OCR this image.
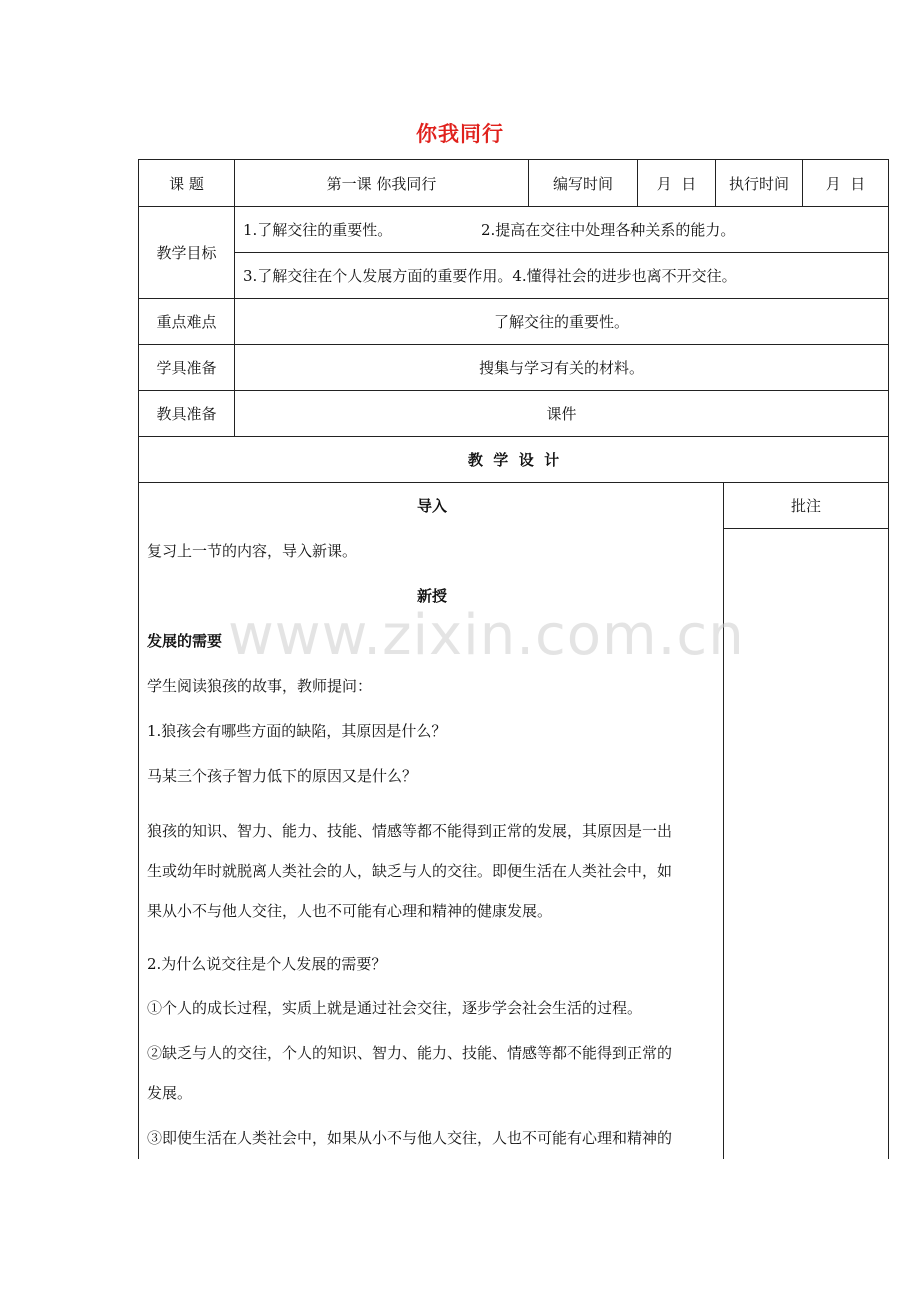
你我同行
课 题	第一课 你我同行	编写时间	月  日	执行时间	月  日
教学目标
1.了解交往的重要性。	2.提高在交往中处理各种关系的能力。
3.了解交往在个人发展方面的重要作用。4.懂得社会的进步也离不开交往。
重点难点	了解交往的重要性。
学具准备	搜集与学习有关的材料。
教具准备	课件
教  学  设  计
批注
www.zixin.com.cn
导入
复习上一节的内容，导入新课。
新授
发展的需要
学生阅读狼孩的故事，教师提问：
1.狼孩会有哪些方面的缺陷，其原因是什么？
马某三个孩子智力低下的原因又是什么？
狼孩的知识、智力、能力、技能、情感等都不能得到正常的发展，其原因是一出
生或幼年时就脱离人类社会的人，缺乏与人的交往。即便生活在人类社会中，如
果从小不与他人交往，人也不可能有心理和精神的健康发展。
2.为什么说交往是个人发展的需要？
①个人的成长过程，实质上就是通过社会交往，逐步学会社会生活的过程。
②缺乏与人的交往，个人的知识、智力、能力、技能、情感等都不能得到正常的
发展。
③即使生活在人类社会中，如果从小不与他人交往，人也不可能有心理和精神的
